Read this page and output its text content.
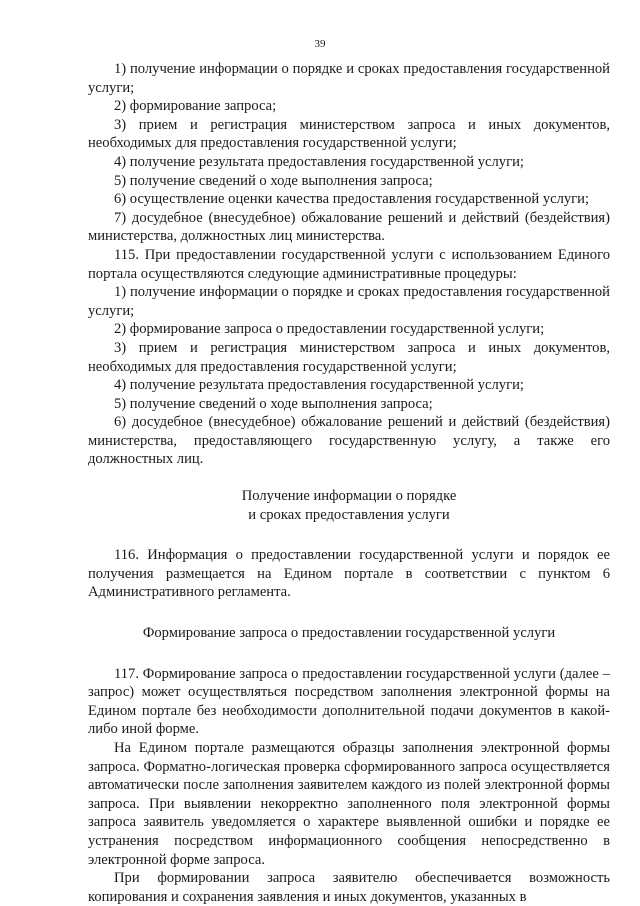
39

1) получение информации о порядке и сроках предоставления государственной услуги;

2) формирование запроса;

3) прием и регистрация министерством запроса и иных документов, необходимых для предоставления государственной услуги;

4) получение результата предоставления государственной услуги;

5) получение сведений о ходе выполнения запроса;

6) осуществление оценки качества предоставления государственной услуги;

7) досудебное (внесудебное) обжалование решений и действий (бездействия) министерства, должностных лиц министерства.

115. При предоставлении государственной услуги с использованием Единого портала осуществляются следующие административные процедуры:

1) получение информации о порядке и сроках предоставления государственной услуги;

2) формирование запроса о предоставлении государственной услуги;

3) прием и регистрация министерством запроса и иных документов, необходимых для предоставления государственной услуги;

4) получение результата предоставления государственной услуги;

5) получение сведений о ходе выполнения запроса;

6) досудебное (внесудебное) обжалование решений и действий (бездействия) министерства, предоставляющего государственную услугу, а также его должностных лиц.

Получение информации о порядке

и сроках предоставления услуги

116. Информация о предоставлении государственной услуги и порядок ее получения размещается на Едином портале в соответствии с пунктом 6 Административного регламента.

Формирование запроса о предоставлении государственной услуги

117. Формирование запроса о предоставлении государственной услуги (далее – запрос) может осуществляться посредством заполнения электронной формы на Едином портале без необходимости дополнительной подачи документов в какой-либо иной форме.

На Едином портале размещаются образцы заполнения электронной формы запроса. Форматно-логическая проверка сформированного запроса осуществляется автоматически после заполнения заявителем каждого из полей электронной формы запроса. При выявлении некорректно заполненного поля электронной формы запроса заявитель уведомляется о характере выявленной ошибки и порядке ее устранения посредством информационного сообщения непосредственно в электронной форме запроса.

При формировании запроса заявителю обеспечивается возможность копирования и сохранения заявления и иных документов, указанных в
